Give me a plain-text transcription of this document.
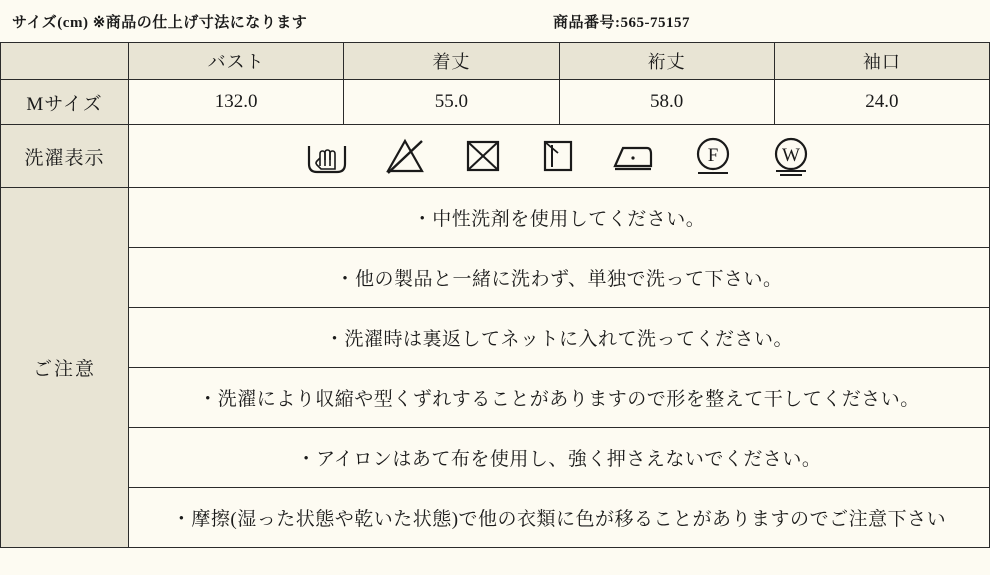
サイズ(cm) ※商品の仕上げ寸法になります	商品番号:565-75157
	バスト	着丈	裄丈	袖口
Mサイズ	132.0	55.0	58.0	24.0
洗濯表示	F W			

ご注意	・中性洗剤を使用してください。			
	・他の製品と一緒に洗わず、単独で洗って下さい。			
	・洗濯時は裏返してネットに入れて洗ってください。			
	・洗濯により収縮や型くずれすることがありますので形を整えて干してください。			
	・アイロンはあて布を使用し、強く押さえないでください。			
	・摩擦(湿った状態や乾いた状態)で他の衣類に色が移ることがありますのでご注意下さい			
